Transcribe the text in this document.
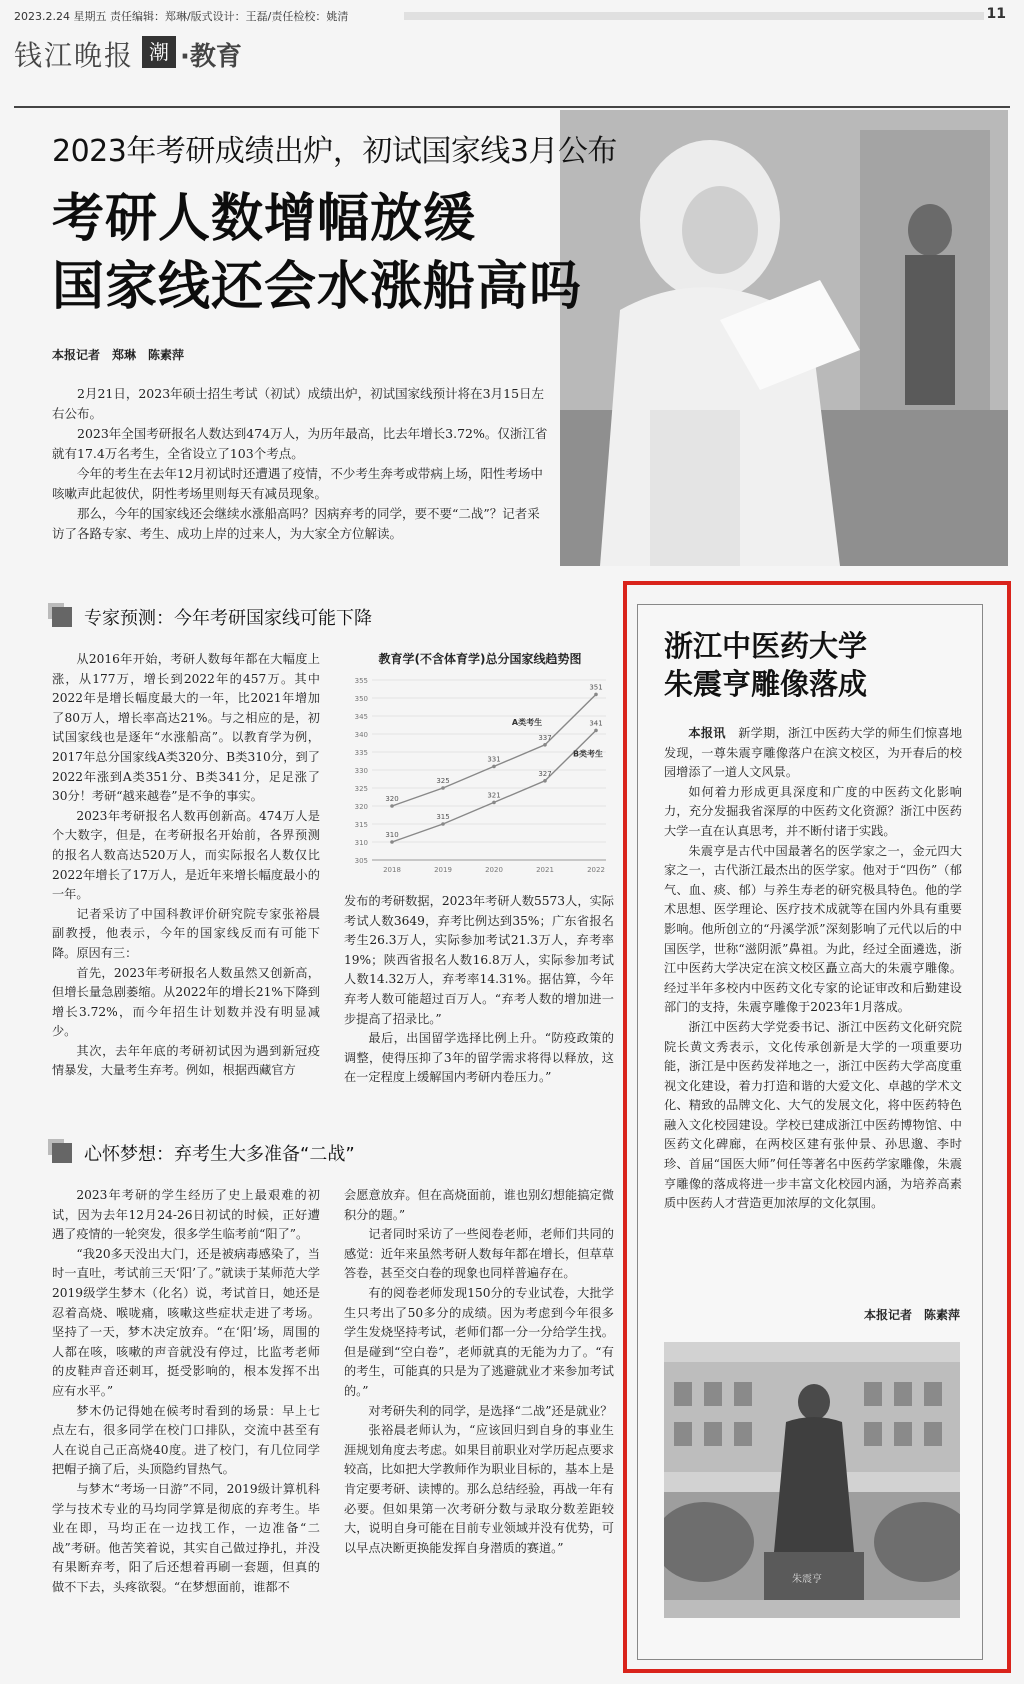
2023.2.24 星期五 责任编辑：郑琳/版式设计：王磊/责任检校：姚清	11
钱江晚报 潮 ·教育
2023年考研成绩出炉，初试国家线3月公布
考研人数增幅放缓
国家线还会水涨船高吗
本报记者　郑琳　陈素萍

2月21日，2023年硕士招生考试（初试）成绩出炉，初试国家线预计将在3月15日左右公布。

2023年全国考研报名人数达到474万人，为历年最高，比去年增长3.72%。仅浙江省就有17.4万名考生，全省设立了103个考点。

今年的考生在去年12月初试时还遭遇了疫情，不少考生奔考或带病上场，阳性考场中咳嗽声此起彼伏，阴性考场里则每天有减员现象。

那么，今年的国家线还会继续水涨船高吗？因病弃考的同学，要不要“二战”？记者采访了各路专家、考生、成功上岸的过来人，为大家全方位解读。

专家预测：今年考研国家线可能下降

从2016年开始，考研人数每年都在大幅度上涨，从177万，增长到2022年的457万。其中2022年是增长幅度最大的一年，比2021年增加了80万人，增长率高达21%。与之相应的是，初试国家线也是逐年“水涨船高”。以教育学为例，2017年总分国家线A类320分、B类310分，到了2022年涨到A类351分、B类341分，足足涨了30分！考研“越来越卷”是不争的事实。

2023年考研报名人数再创新高。474万人是个大数字，但是，在考研报名开始前，各界预测的报名人数高达520万人，而实际报名人数仅比2022年增长了17万人，是近年来增长幅度最小的一年。

记者采访了中国科教评价研究院专家张裕晨副教授，他表示，今年的国家线反而有可能下降。原因有三：

首先，2023年考研报名人数虽然又创新高，但增长量急剧萎缩。从2022年的增长21%下降到增长3.72%，而今年招生计划数并没有明显减少。

其次，去年年底的考研初试因为遇到新冠疫情暴发，大量考生弃考。例如，根据西藏官方

教育学(不含体育学)总分国家线趋势图
355
350
345
340
335
330
325
320
315
310
305
2018	2019	2020	2021	2022
320
325
331
337
351
A类考生
310
315
321
327
341
B类考生

发布的考研数据，2023年考研人数5573人，实际考试人数3649，弃考比例达到35%；广东省报名考生26.3万人，实际参加考试21.3万人，弃考率19%；陕西省报名人数16.8万人，实际参加考试人数14.32万人，弃考率14.31%。据估算，今年弃考人数可能超过百万人。“弃考人数的增加进一步提高了招录比。”

最后，出国留学选择比例上升。“防疫政策的调整，使得压抑了3年的留学需求将得以释放，这在一定程度上缓解国内考研内卷压力。”

心怀梦想：弃考生大多准备“二战”

2023年考研的学生经历了史上最艰难的初试，因为去年12月24-26日初试的时候，正好遭遇了疫情的一轮突发，很多学生临考前“阳了”。

“我20多天没出大门，还是被病毒感染了，当时一直吐，考试前三天‘阳’了。”就读于某师范大学2019级学生梦木（化名）说，考试首日，她还是忍着高烧、喉咙痛，咳嗽这些症状走进了考场。坚持了一天，梦木决定放弃。“在‘阳’场，周围的人都在咳，咳嗽的声音就没有停过，比监考老师的皮鞋声音还刺耳，挺受影响的，根本发挥不出应有水平。”

梦木仍记得她在候考时看到的场景：早上七点左右，很多同学在校门口排队，交流中甚至有人在说自己正高烧40度。进了校门，有几位同学把帽子摘了后，头顶隐约冒热气。

与梦木“考场一日游”不同，2019级计算机科学与技术专业的马均同学算是彻底的弃考生。毕业在即，马均正在一边找工作，一边准备“二战”考研。他苦笑着说，其实自己做过挣扎，并没有果断弃考，阳了后还想着再刷一套题，但真的做不下去，头疼欲裂。“在梦想面前，谁都不

会愿意放弃。但在高烧面前，谁也别幻想能搞定微积分的题。”

记者同时采访了一些阅卷老师，老师们共同的感觉：近年来虽然考研人数每年都在增长，但草草答卷，甚至交白卷的现象也同样普遍存在。

有的阅卷老师发现150分的专业试卷，大批学生只考出了50多分的成绩。因为考虑到今年很多学生发烧坚持考试，老师们都一分一分给学生找。但是碰到“空白卷”，老师就真的无能为力了。“有的考生，可能真的只是为了逃避就业才来参加考试的。”

对考研失利的同学，是选择“二战”还是就业？

张裕晨老师认为，“应该回归到自身的事业生涯规划角度去考虑。如果目前职业对学历起点要求较高，比如把大学教师作为职业目标的，基本上是肯定要考研、读博的。那么总结经验，再战一年有必要。但如果第一次考研分数与录取分数差距较大，说明自身可能在目前专业领域并没有优势，可以早点决断更换能发挥自身潜质的赛道。”

浙江中医药大学
朱震亨雕像落成

本报讯　 新学期，浙江中医药大学的师生们惊喜地发现，一尊朱震亨雕像落户在滨文校区，为开春后的校园增添了一道人文风景。

如何着力形成更具深度和广度的中医药文化影响力，充分发掘我省深厚的中医药文化资源？浙江中医药大学一直在认真思考，并不断付诸于实践。

朱震亨是古代中国最著名的医学家之一，金元四大家之一，古代浙江最杰出的医学家。他对于“四伤”（郁气、血、痰、郁）与养生寿老的研究极具特色。他的学术思想、医学理论、医疗技术成就等在国内外具有重要影响。他所创立的“丹溪学派”深刻影响了元代以后的中国医学，世称“滋阴派”鼻祖。为此，经过全面遴选，浙江中医药大学决定在滨文校区矗立高大的朱震亨雕像。经过半年多校内中医药文化专家的论证审改和后勤建设部门的支持，朱震亨雕像于2023年1月落成。

浙江中医药大学党委书记、浙江中医药文化研究院院长黄文秀表示，文化传承创新是大学的一项重要功能，浙江是中医药发祥地之一，浙江中医药大学高度重视文化建设，着力打造和谐的大爱文化、卓越的学术文化、精致的品牌文化、大气的发展文化，将中医药特色融入文化校园建设。学校已建成浙江中医药博物馆、中医药文化碑廊，在两校区建有张仲景、孙思邈、李时珍、首届“国医大师”何任等著名中医药学家雕像，朱震亨雕像的落成将进一步丰富文化校园内涵，为培养高素质中医药人才营造更加浓厚的文化氛围。

本报记者　陈素萍
朱震亨
